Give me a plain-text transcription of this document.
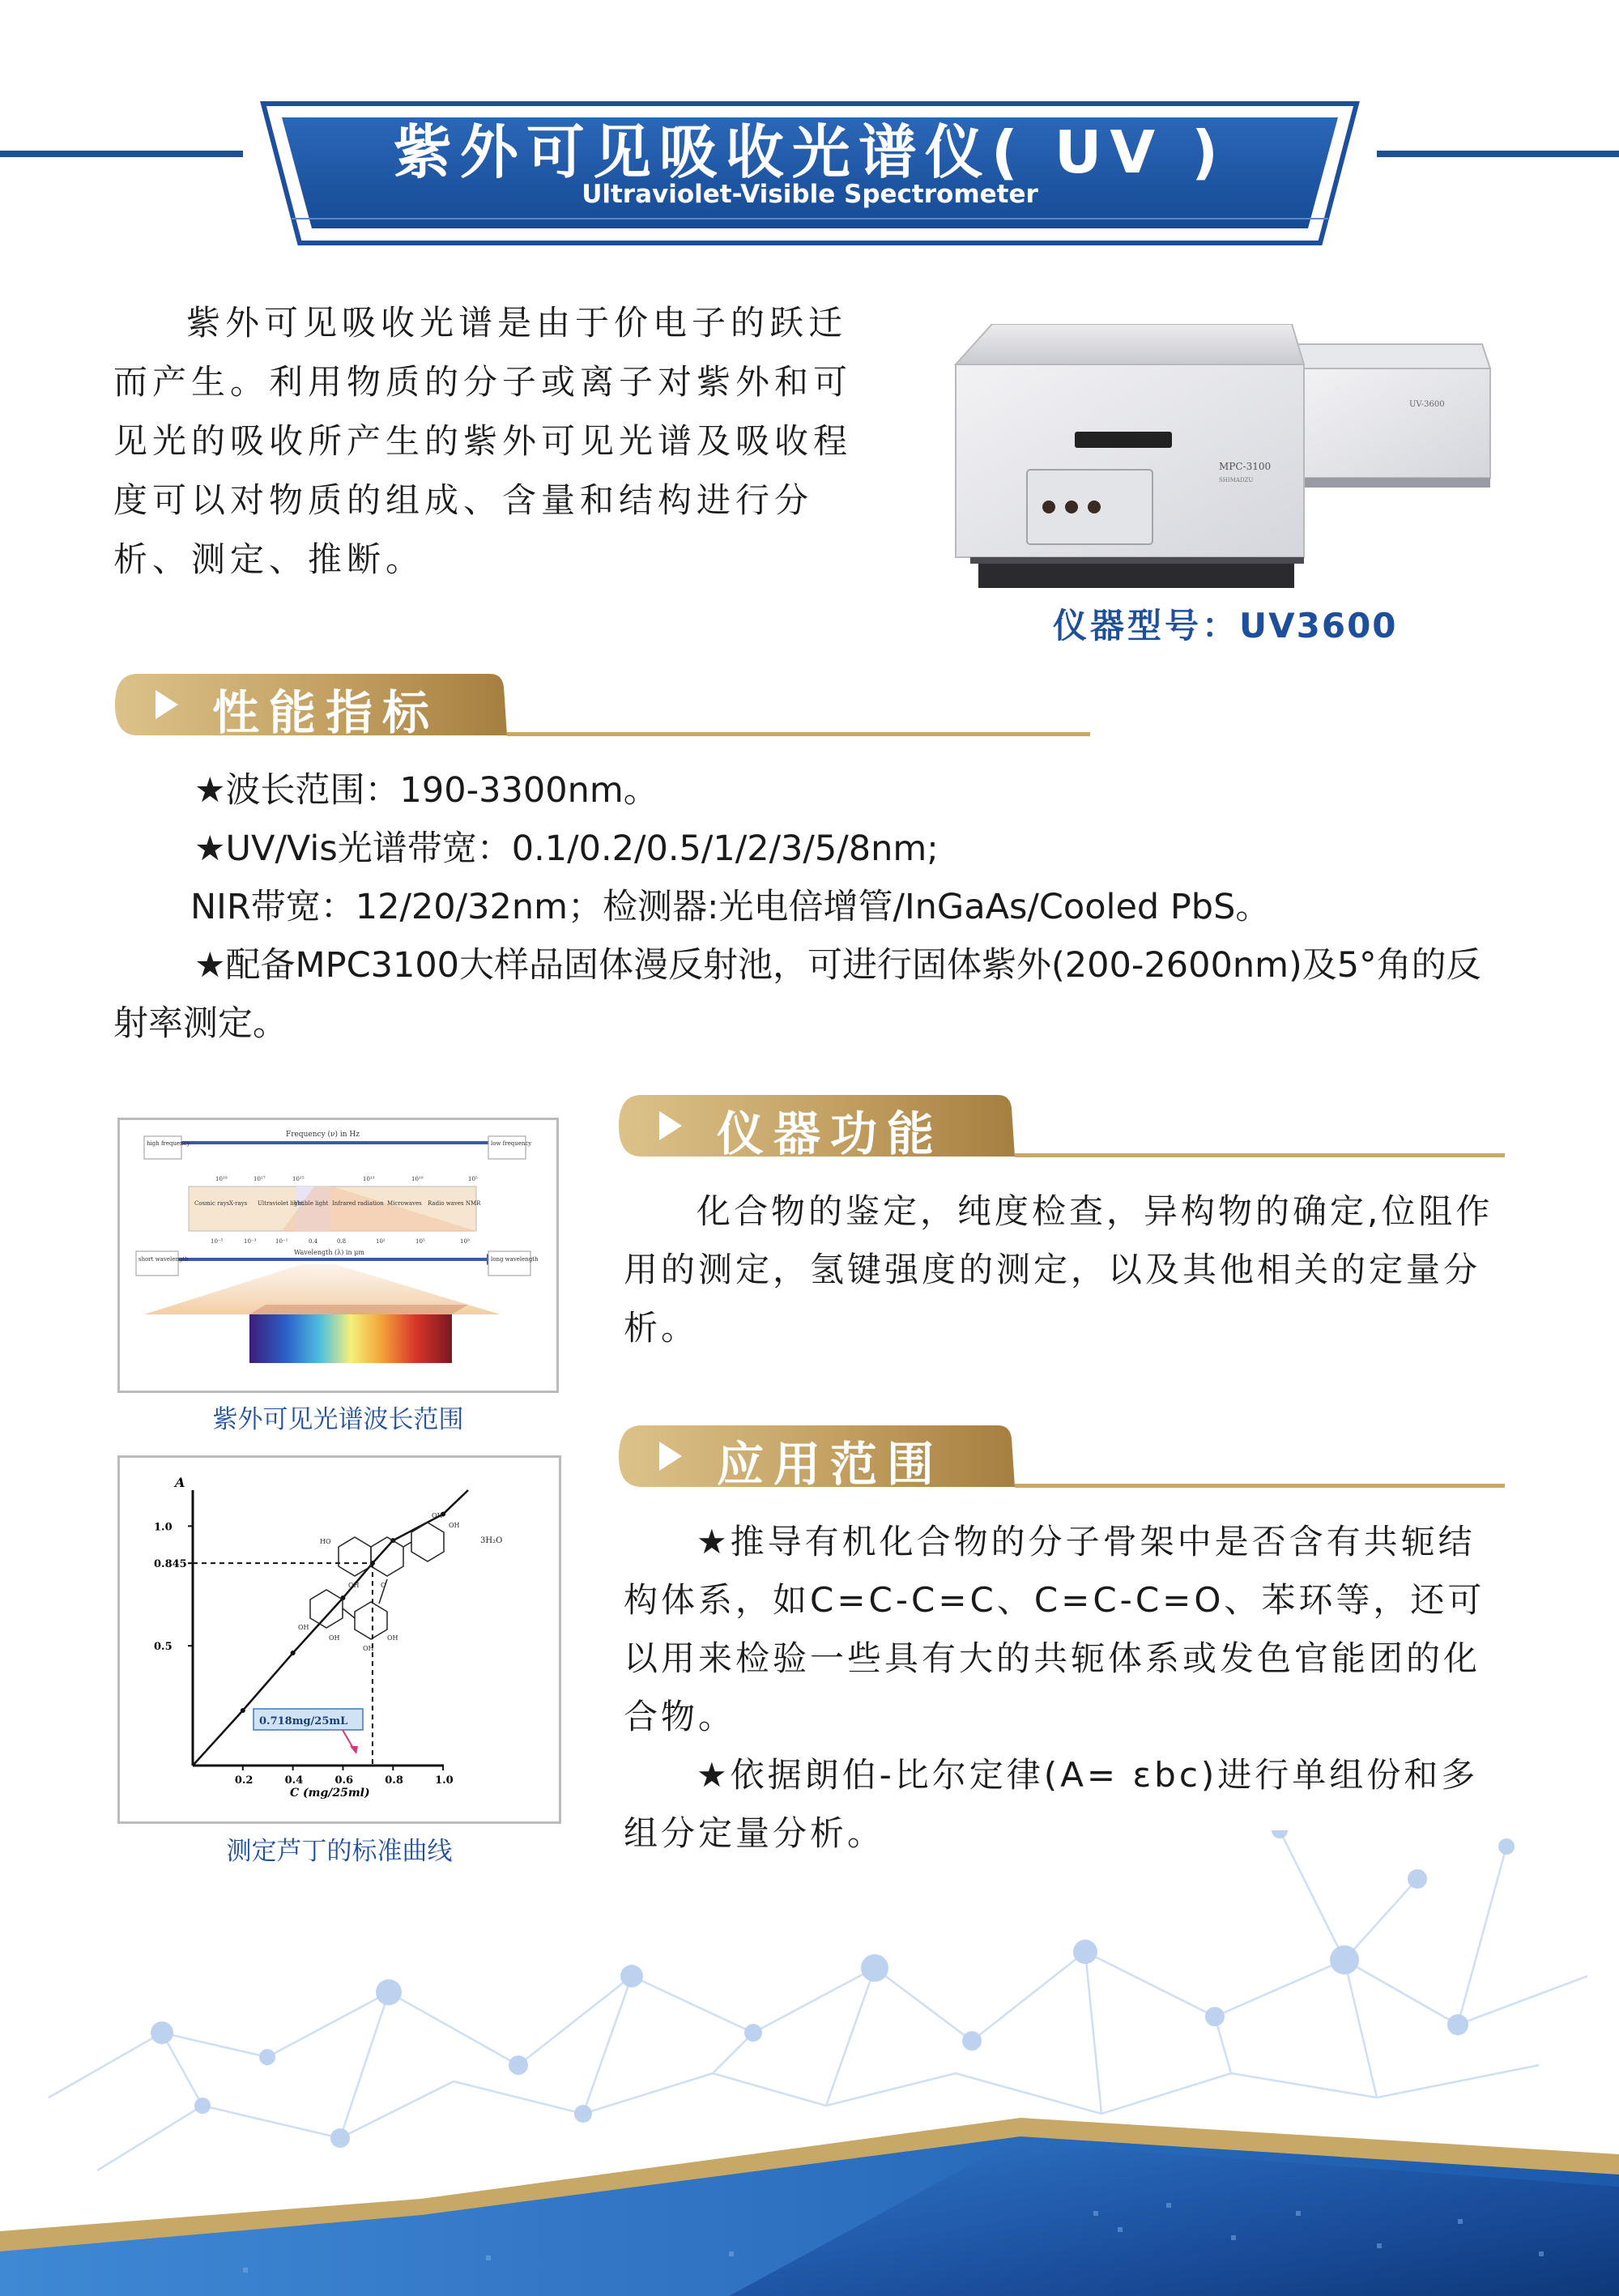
紫外可见吸收光谱仪( UV )
Ultraviolet-Visible Spectrometer

紫外可见吸收光谱是由于价电子的跃迁而产生。利用物质的分子或离子对紫外和可见光的吸收所产生的紫外可见光谱及吸收程度可以对物质的组成、含量和结构进行分析、测定、推断。

UV-3600
MPC-3100
SHIMADZU
仪器型号：UV3600
性能指标

★波长范围：190-3300nm。

★UV/Vis光谱带宽：0.1/0.2/0.5/1/2/3/5/8nm;

NIR带宽：12/20/32nm；检测器:光电倍增管/InGaAs/Cooled PbS。

★配备MPC3100大样品固体漫反射池，可进行固体紫外(200-2600nm)及5°角的反射率测定。

Frequency (ν) in Hz
high frequency	low frequency
10¹⁹	10¹⁷	10¹⁵	10¹³	10¹⁰	10⁵
Cosmic rays X-rays Ultraviolet light
Visible light Infrared radiation Microwaves Radio waves NMR
10⁻⁵	10⁻³	10⁻¹	0.4	0.8	10²	10⁵	10⁹
Wavelength (λ) in μm
short wavelength	long wavelength
紫外可见光谱波长范围
A
C (mg/25ml)
0.2	0.4	0.6	0.8	1.0
0.5
0.845
1.0
0.718mg/25mL
HO
OH
OH
OH	O
OH
OH
OH
OH
3H₂O
测定芦丁的标准曲线
仪器功能

化合物的鉴定，纯度检查，异构物的确定,位阻作用的测定，氢键强度的测定，以及其他相关的定量分析。

应用范围

★推导有机化合物的分子骨架中是否含有共轭结构体系，如C=C-C=C、C=C-C=O、苯环等，还可以用来检验一些具有大的共轭体系或发色官能团的化合物。

★依据朗伯-比尔定律(A= εbc)进行单组份和多组分定量分析。
